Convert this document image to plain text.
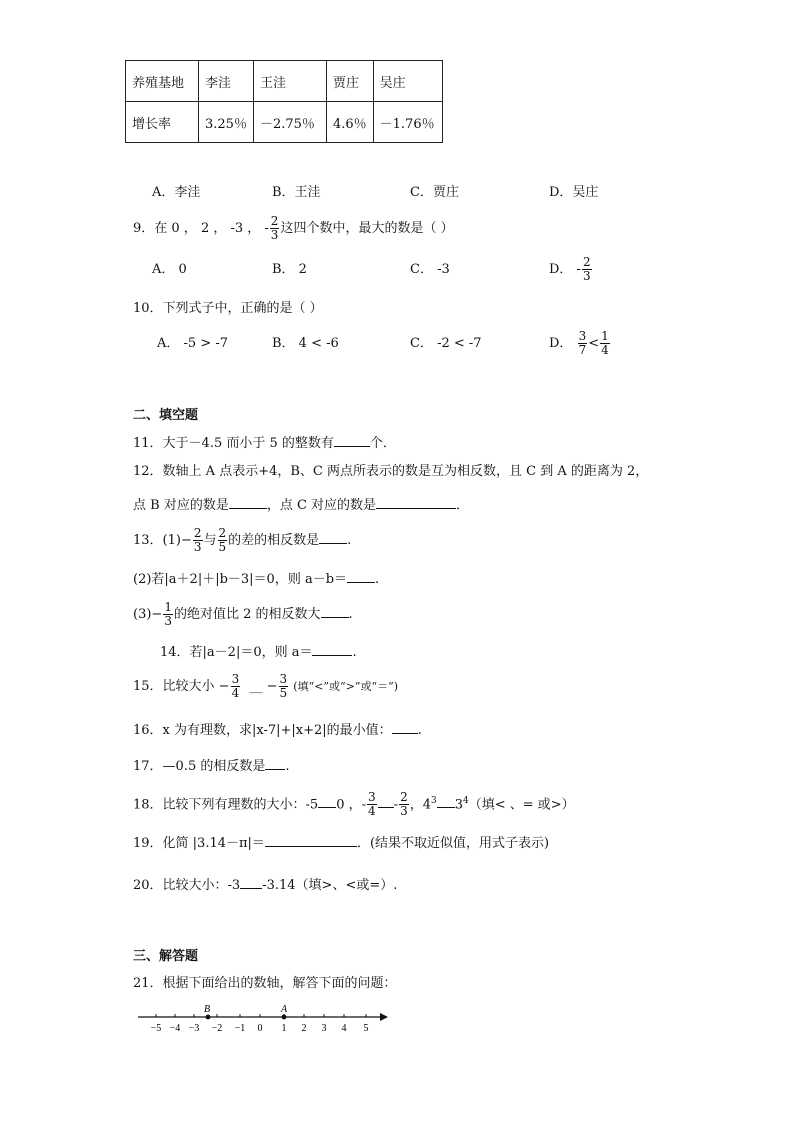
养殖基地	李洼	王洼	贾庄	吴庄
增长率	3.25％	－2.75％	4.6％	－1.76％
A．李洼	B．王洼	C．贾庄	D．吴庄
9．在 0 ， 2 ， -3 ， - $\frac{2}{3}$ 这四个数中，最大的数是（ ）
A． 0	B． 2	C． -3	D． - $\frac{2}{3}$
10．下列式子中，正确的是（ ）
A． -5 > -7	B． 4 < -6	C． -2 < -7	D． $\frac{3}{7} < \frac{1}{4}$
二、填空题
11．大于－4.5 而小于 5 的整数有	个．
12．数轴上 A 点表示+4，B、C 两点所表示的数是互为相反数，且 C 到 A 的距离为 2，
点 B 对应的数是	，点 C 对应的数是	．
13．$(1)- \frac{2}{3}$ 与 $\frac{2}{5}$ 的差的相反数是 .
(2)若|a＋2|＋|b－3|＝0，则 a－b＝ .
$(3)- \frac{1}{3}$ 的绝对值比 2 的相反数大 .
14．若|a－2|＝0，则 a＝	.
15．比较大小 − $\frac{3}{4}$ __ − $\frac{3}{5}$ (填“<”或“>”或“＝”)
16．x 为有理数，求|x-7|+|x+2|的最小值： .
17．—0.5 的相反数是 .
18．比较下列有理数的大小：-5 0 ，- $\frac{3}{4} - \frac{2}{3}$ ，$4^3$ $3^4$（填< 、= 或>）
19．化简 |3.14－π|＝	．(结果不取近似值，用式子表示)
20．比较大小：-3 -3.14（填>、<或=）.
三、解答题
21．根据下面给出的数轴，解答下面的问题：
−5 −4 −3 −2 −1 0 1 2 3 4 5
B	A
